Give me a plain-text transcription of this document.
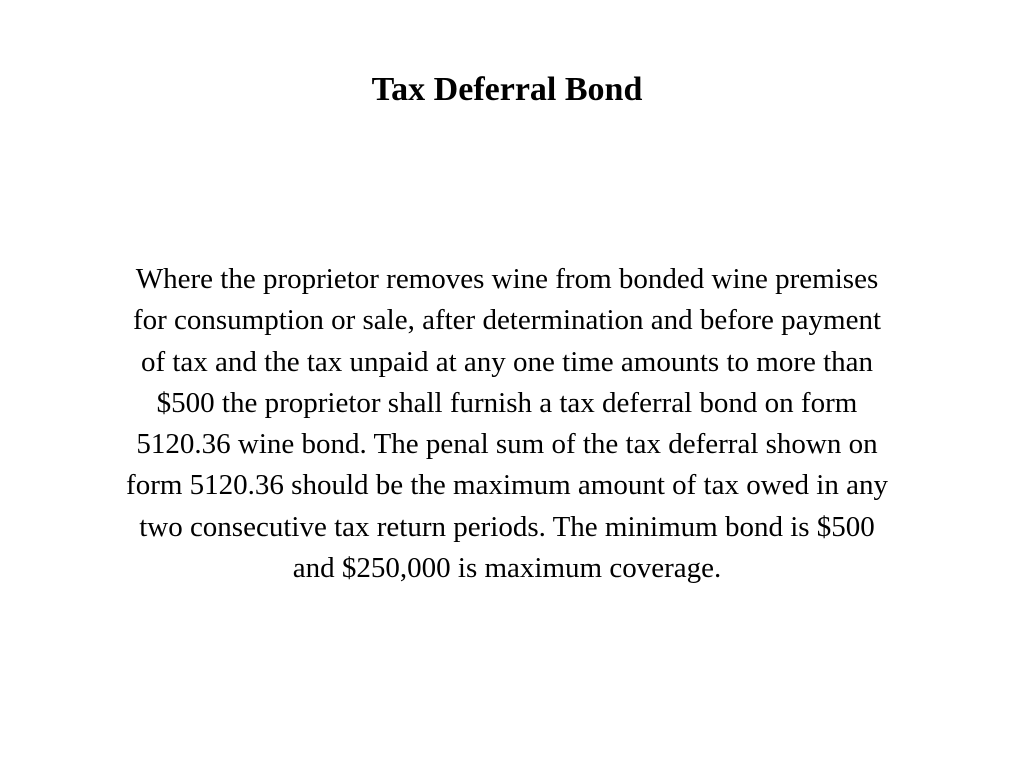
Tax Deferral Bond

Where the proprietor removes wine from bonded wine premises
for consumption or sale, after determination and before payment
of tax and the tax unpaid at any one time amounts to more than
$500 the proprietor shall furnish a tax deferral bond on form
5120.36 wine bond. The penal sum of the tax deferral shown on
form 5120.36 should be the maximum amount of tax owed in any
two consecutive tax return periods. The minimum bond is $500
and $250,000 is maximum coverage.
